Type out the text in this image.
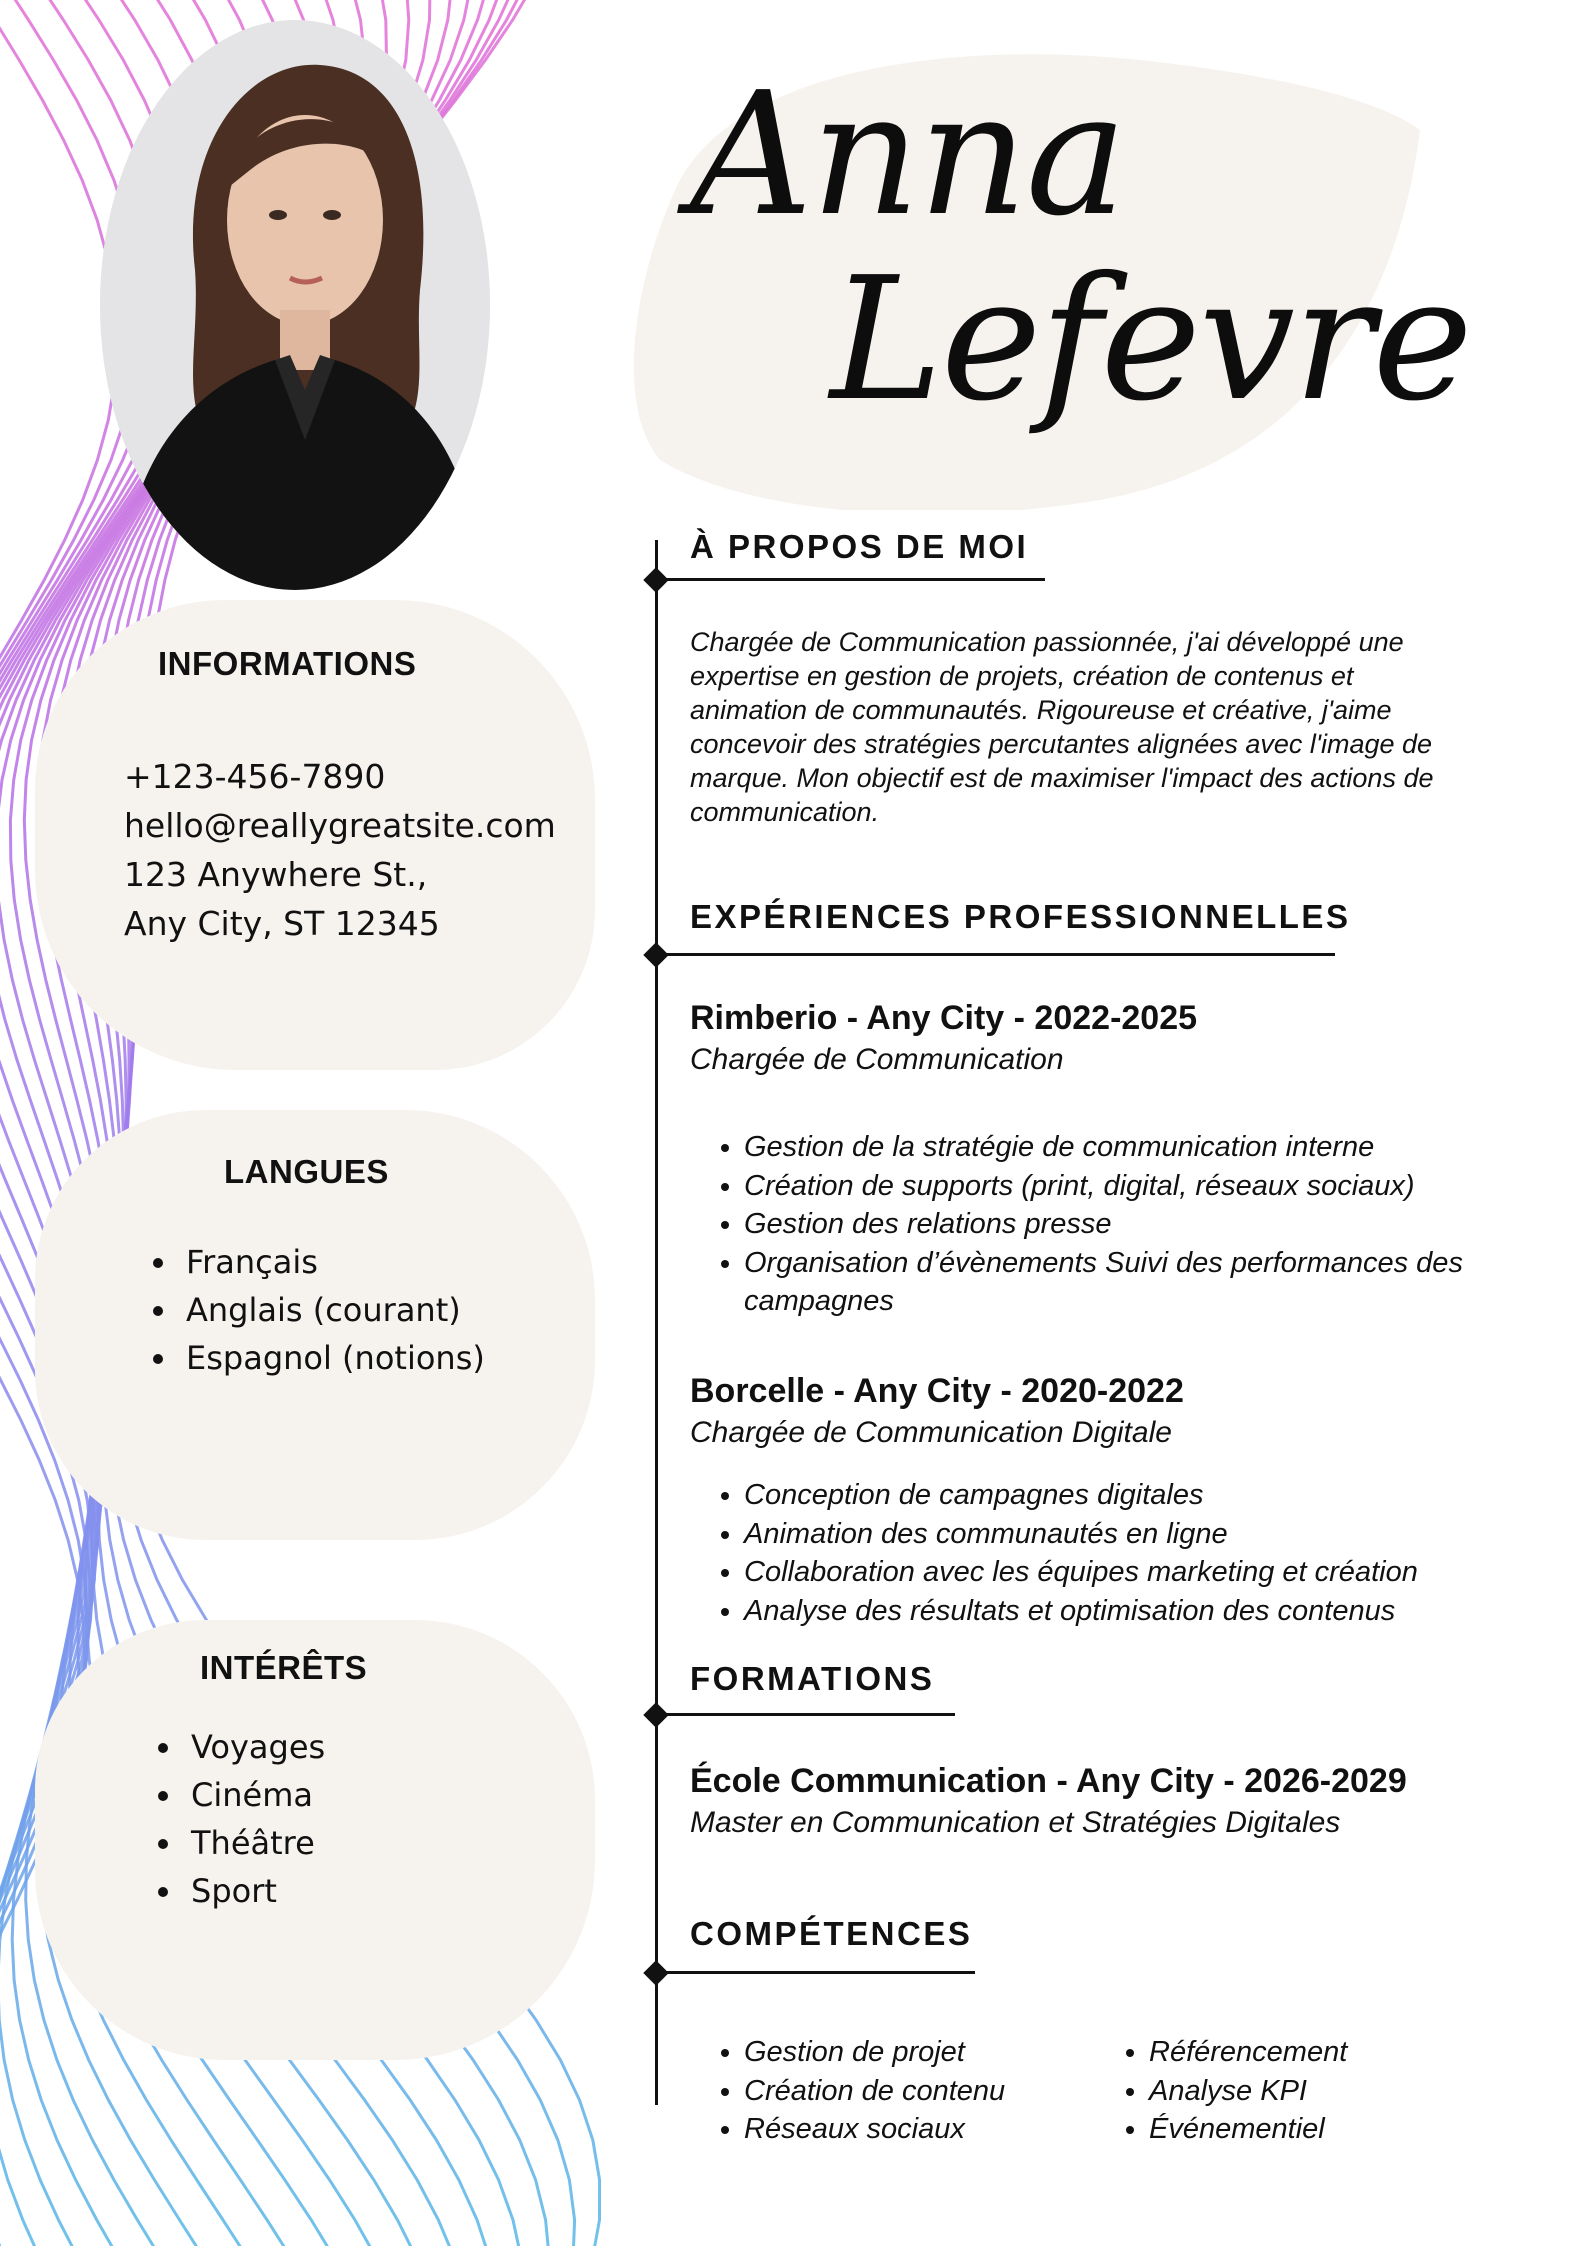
Anna
Lefevre
INFORMATIONS
+123-456-7890
hello@reallygreatsite.com
123 Anywhere St.,
Any City, ST 12345
LANGUES
• Français
• Anglais (courant)
• Espagnol (notions)
INTÉRÊTS
• Voyages
• Cinéma
• Théâtre
• Sport
À PROPOS DE MOI

Chargée de Communication passionnée, j'ai développé une expertise en gestion de projets, création de contenus et animation de communautés. Rigoureuse et créative, j'aime concevoir des stratégies percutantes alignées avec l'image de marque. Mon objectif est de maximiser l'impact des actions de communication.

EXPÉRIENCES PROFESSIONNELLES
Rimberio - Any City - 2022-2025
Chargée de Communication
• Gestion de la stratégie de communication interne
• Création de supports (print, digital, réseaux sociaux)
• Gestion des relations presse
• Organisation d’évènements Suivi des performances des campagnes
Borcelle - Any City - 2020-2022
Chargée de Communication Digitale
• Conception de campagnes digitales
• Animation des communautés en ligne
• Collaboration avec les équipes marketing et création
• Analyse des résultats et optimisation des contenus
FORMATIONS
École Communication - Any City - 2026-2029
Master en Communication et Stratégies Digitales
COMPÉTENCES
• Gestion de projet
• Création de contenu
• Réseaux sociaux
• Référencement
• Analyse KPI
• Événementiel
